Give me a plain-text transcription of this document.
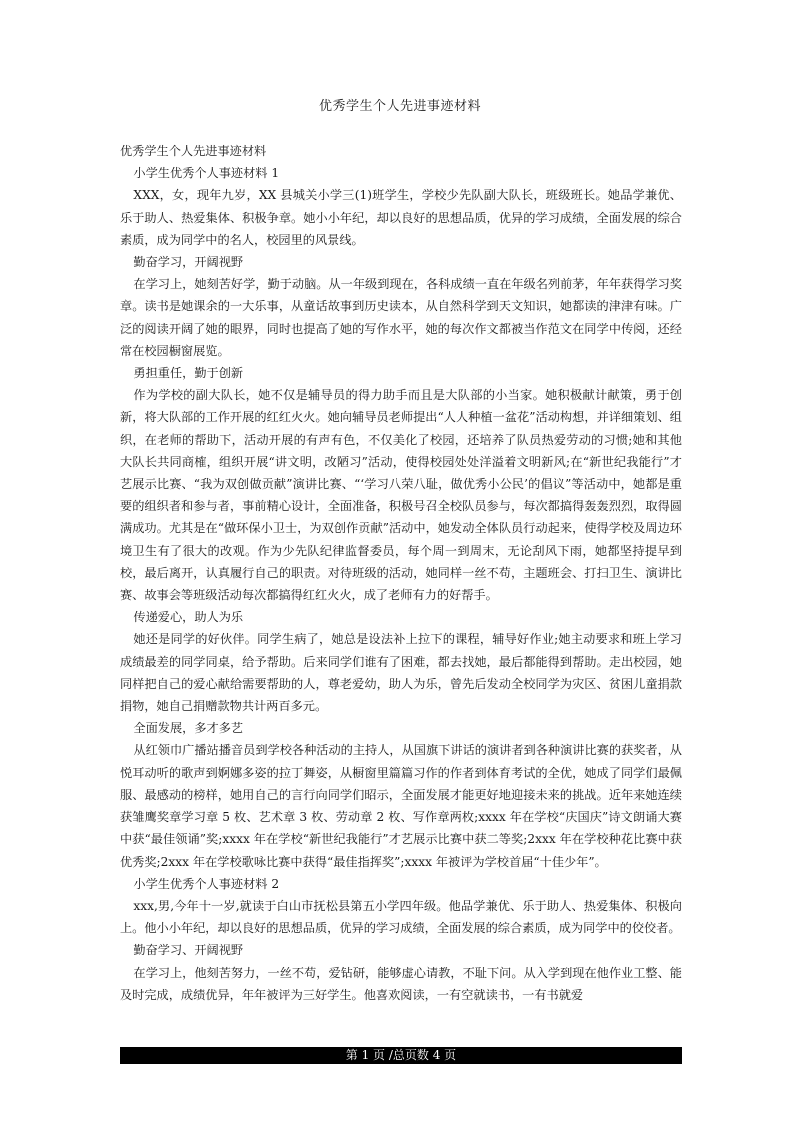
优秀学生个人先进事迹材料

优秀学生个人先进事迹材料

小学生优秀个人事迹材料 1

XXX，女，现年九岁，XX 县城关小学三(1)班学生，学校少先队副大队长，班级班长。她品学兼优、乐于助人、热爱集体、积极争章。她小小年纪，却以良好的思想品质，优异的学习成绩，全面发展的综合素质，成为同学中的名人，校园里的风景线。

勤奋学习，开阔视野

在学习上，她刻苦好学，勤于动脑。从一年级到现在，各科成绩一直在年级名列前茅，年年获得学习奖章。读书是她课余的一大乐事，从童话故事到历史读本，从自然科学到天文知识，她都读的津津有味。广泛的阅读开阔了她的眼界，同时也提高了她的写作水平，她的每次作文都被当作范文在同学中传阅，还经常在校园橱窗展览。

勇担重任，勤于创新

作为学校的副大队长，她不仅是辅导员的得力助手而且是大队部的小当家。她积极献计献策，勇于创新，将大队部的工作开展的红红火火。她向辅导员老师提出“人人种植一盆花”活动构想，并详细策划、组织，在老师的帮助下，活动开展的有声有色，不仅美化了校园，还培养了队员热爱劳动的习惯;她和其他大队长共同商榷，组织开展“讲文明，改陋习”活动，使得校园处处洋溢着文明新风;在“新世纪我能行”才艺展示比赛、“我为双创做贡献”演讲比赛、“‘学习八荣八耻，做优秀小公民’的倡议”等活动中，她都是重要的组织者和参与者，事前精心设计，全面准备，积极号召全校队员参与，每次都搞得轰轰烈烈，取得圆满成功。尤其是在“做环保小卫士，为双创作贡献”活动中，她发动全体队员行动起来，使得学校及周边环境卫生有了很大的改观。作为少先队纪律监督委员，每个周一到周末，无论刮风下雨，她都坚持提早到校，最后离开，认真履行自己的职责。对待班级的活动，她同样一丝不苟，主题班会、打扫卫生、演讲比赛、故事会等班级活动每次都搞得红红火火，成了老师有力的好帮手。

传递爱心，助人为乐

她还是同学的好伙伴。同学生病了，她总是设法补上拉下的课程，辅导好作业;她主动要求和班上学习成绩最差的同学同桌，给予帮助。后来同学们谁有了困难，都去找她，最后都能得到帮助。走出校园，她同样把自己的爱心献给需要帮助的人，尊老爱幼，助人为乐，曾先后发动全校同学为灾区、贫困儿童捐款捐物，她自己捐赠款物共计两百多元。

全面发展，多才多艺

从红领巾广播站播音员到学校各种活动的主持人，从国旗下讲话的演讲者到各种演讲比赛的获奖者，从悦耳动听的歌声到婀娜多姿的拉丁舞姿，从橱窗里篇篇习作的作者到体育考试的全优，她成了同学们最佩服、最感动的榜样，她用自己的言行向同学们昭示，全面发展才能更好地迎接未来的挑战。近年来她连续获雏鹰奖章学习章 5 枚、艺术章 3 枚、劳动章 2 枚、写作章两枚;xxxx 年在学校“庆国庆”诗文朗诵大赛中获“最佳领诵”奖;xxxx 年在学校“新世纪我能行”才艺展示比赛中获二等奖;2xxx 年在学校种花比赛中获优秀奖;2xxx 年在学校歌咏比赛中获得“最佳指挥奖”;xxxx 年被评为学校首届“十佳少年”。

小学生优秀个人事迹材料 2

xxx,男,今年十一岁,就读于白山市抚松县第五小学四年级。他品学兼优、乐于助人、热爱集体、积极向上。他小小年纪，却以良好的思想品质，优异的学习成绩，全面发展的综合素质，成为同学中的佼佼者。

勤奋学习、开阔视野

在学习上，他刻苦努力，一丝不苟，爱钻研，能够虚心请教，不耻下问。从入学到现在他作业工整、能及时完成，成绩优异，年年被评为三好学生。他喜欢阅读，一有空就读书，一有书就爱

第 1 页 /总页数 4 页
